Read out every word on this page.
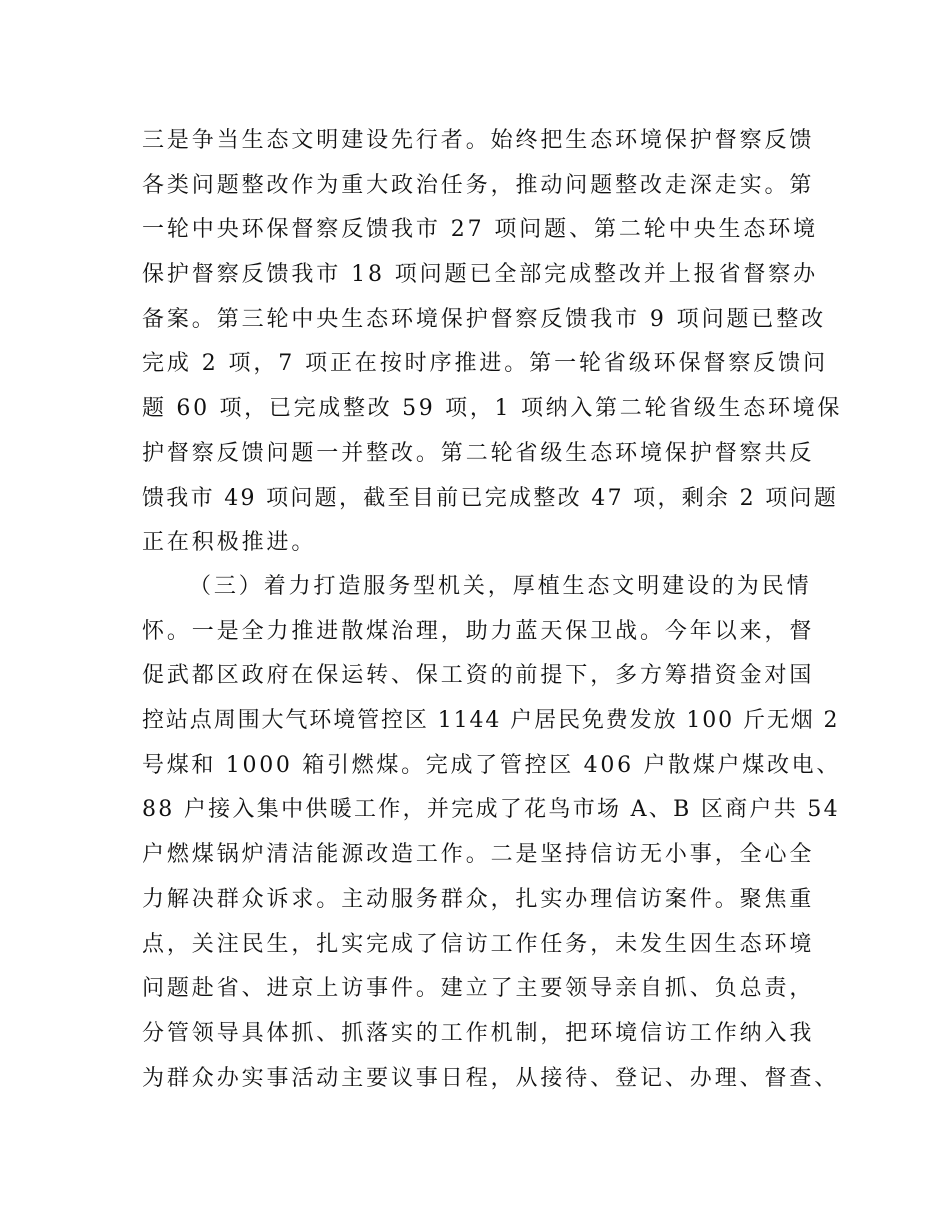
三是争当生态文明建设先行者。始终把生态环境保护督察反馈
各类问题整改作为重大政治任务，推动问题整改走深走实。第
一轮中央环保督察反馈我市 27 项问题、第二轮中央生态环境
保护督察反馈我市 18 项问题已全部完成整改并上报省督察办
备案。第三轮中央生态环境保护督察反馈我市 9 项问题已整改
完成 2 项，7 项正在按时序推进。第一轮省级环保督察反馈问
题 60 项，已完成整改 59 项，1 项纳入第二轮省级生态环境保
护督察反馈问题一并整改。第二轮省级生态环境保护督察共反
馈我市 49 项问题，截至目前已完成整改 47 项，剩余 2 项问题
正在积极推进。
（三）着力打造服务型机关，厚植生态文明建设的为民情
怀。一是全力推进散煤治理，助力蓝天保卫战。今年以来，督
促武都区政府在保运转、保工资的前提下，多方筹措资金对国
控站点周围大气环境管控区 1144 户居民免费发放 100 斤无烟 2
号煤和 1000 箱引燃煤。完成了管控区 406 户散煤户煤改电、
88 户接入集中供暖工作，并完成了花鸟市场 A、B 区商户共 54
户燃煤锅炉清洁能源改造工作。二是坚持信访无小事，全心全
力解决群众诉求。主动服务群众，扎实办理信访案件。聚焦重
点，关注民生，扎实完成了信访工作任务，未发生因生态环境
问题赴省、进京上访事件。建立了主要领导亲自抓、负总责，
分管领导具体抓、抓落实的工作机制，把环境信访工作纳入我
为群众办实事活动主要议事日程，从接待、登记、办理、督查、
